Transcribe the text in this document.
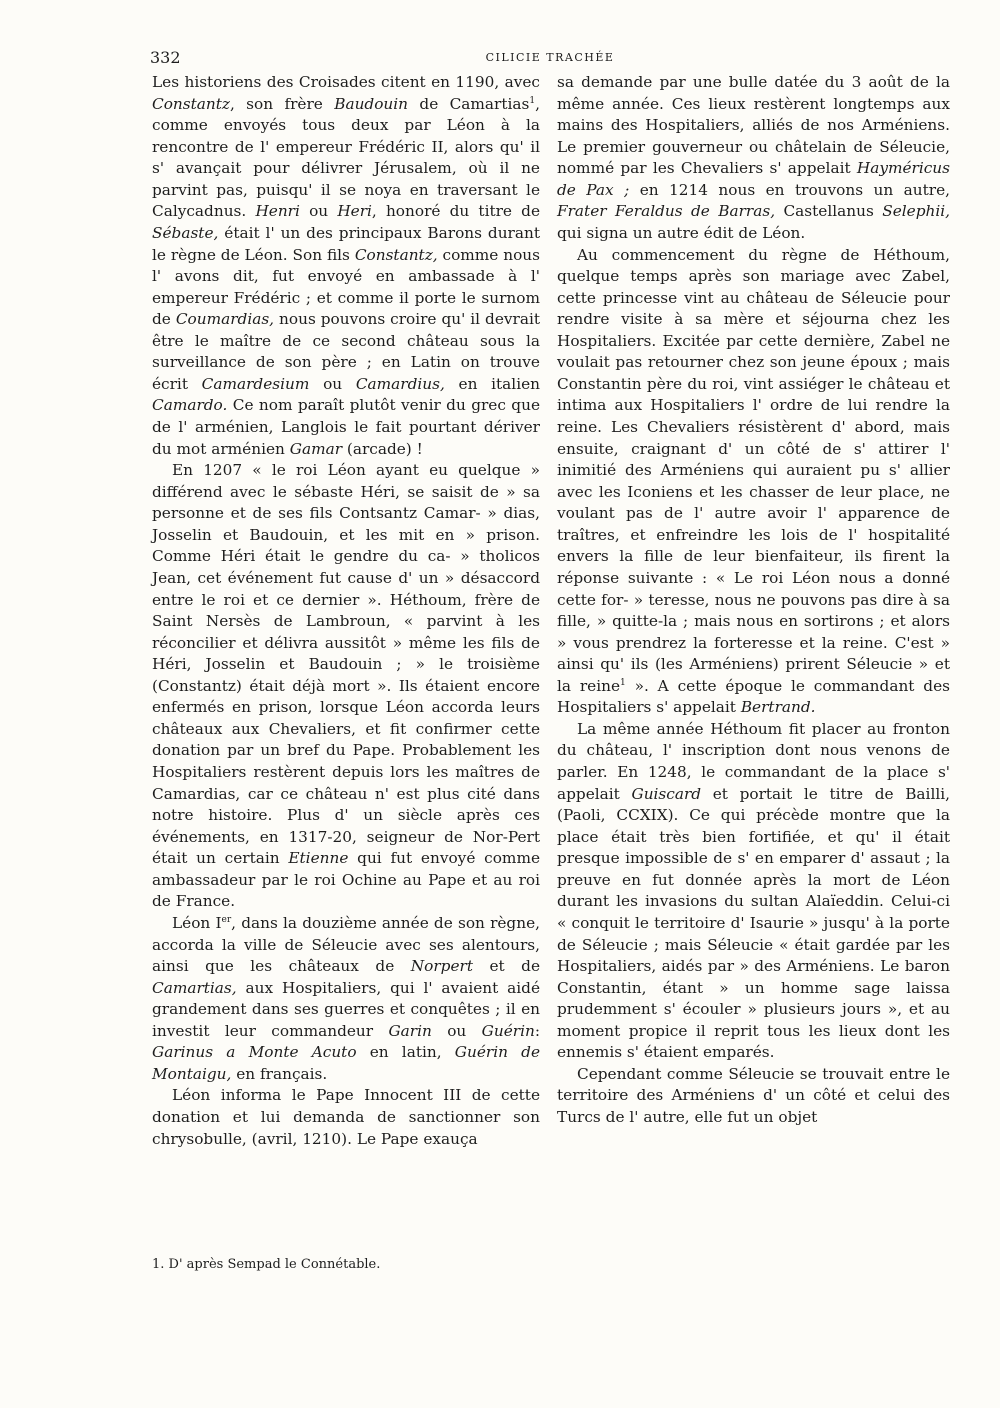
332	CILICIE TRACHÉE

Les historiens des Croisades citent en 1190, avec Constantz, son frère Baudouin de Camartias$^1$, comme envoyés tous deux par Léon à la rencontre de l' empereur Frédéric II, alors qu' il s' avançait pour délivrer Jérusalem, où il ne parvint pas, puisqu' il se noya en traversant le Calycadnus. Henri ou Heri, honoré du titre de Sébaste, était l' un des principaux Barons durant le règne de Léon. Son fils Constantz, comme nous l' avons dit, fut envoyé en ambassade à l' empereur Frédéric ; et comme il porte le surnom de Coumardias, nous pouvons croire qu' il devrait être le maître de ce second château sous la surveillance de son père ; en Latin on trouve écrit Camardesium ou Camardius, en italien Camardo. Ce nom paraît plutôt venir du grec que de l' arménien, Langlois le fait pourtant dériver du mot arménien Gamar (arcade) !

En 1207 « le roi Léon ayant eu quelque » différend avec le sébaste Héri, se saisit de » sa personne et de ses fils Contsantz Camar- » dias, Josselin et Baudouin, et les mit en » prison. Comme Héri était le gendre du ca- » tholicos Jean, cet événement fut cause d' un » désaccord entre le roi et ce dernier ». Héthoum, frère de Saint Nersès de Lambroun, « parvint à les réconcilier et délivra aussitôt » même les fils de Héri, Josselin et Baudouin ; » le troisième (Constantz) était déjà mort ». Ils étaient encore enfermés en prison, lorsque Léon accorda leurs châteaux aux Chevaliers, et fit confirmer cette donation par un bref du Pape. Probablement les Hospitaliers restèrent depuis lors les maîtres de Camardias, car ce château n' est plus cité dans notre histoire. Plus d' un siècle après ces événements, en 1317-20, seigneur de Nor-Pert était un certain Etienne qui fut envoyé comme ambassadeur par le roi Ochine au Pape et au roi de France.

Léon Ier, dans la douzième année de son règne, accorda la ville de Séleucie avec ses alentours, ainsi que les châteaux de Norpert et de Camartias, aux Hospitaliers, qui l' avaient aidé grandement dans ses guerres et conquêtes ; il en investit leur commandeur Garin ou Guérin: Garinus a Monte Acuto en latin, Guérin de Montaigu, en français.

Léon informa le Pape Innocent III de cette donation et lui demanda de sanctionner son chrysobulle, (avril, 1210). Le Pape exauça

sa demande par une bulle datée du 3 août de la même année. Ces lieux restèrent longtemps aux mains des Hospitaliers, alliés de nos Arméniens. Le premier gouverneur ou châtelain de Séleucie, nommé par les Chevaliers s' appelait Hayméricus de Pax ; en 1214 nous en trouvons un autre, Frater Feraldus de Barras, Castellanus Selephii, qui signa un autre édit de Léon.

Au commencement du règne de Héthoum, quelque temps après son mariage avec Zabel, cette princesse vint au château de Séleucie pour rendre visite à sa mère et séjourna chez les Hospitaliers. Excitée par cette dernière, Zabel ne voulait pas retourner chez son jeune époux ; mais Constantin père du roi, vint assiéger le château et intima aux Hospitaliers l' ordre de lui rendre la reine. Les Chevaliers résistèrent d' abord, mais ensuite, craignant d' un côté de s' attirer l' inimitié des Arméniens qui auraient pu s' allier avec les Iconiens et les chasser de leur place, ne voulant pas de l' autre avoir l' apparence de traîtres, et enfreindre les lois de l' hospitalité envers la fille de leur bienfaiteur, ils firent la réponse suivante : « Le roi Léon nous a donné cette for- » teresse, nous ne pouvons pas dire à sa fille, » quitte-la ; mais nous en sortirons ; et alors » vous prendrez la forteresse et la reine. C'est » ainsi qu' ils (les Arméniens) prirent Séleucie » et la reine$^1$ ». A cette époque le commandant des Hospitaliers s' appelait Bertrand.

La même année Héthoum fit placer au fronton du château, l' inscription dont nous venons de parler. En 1248, le commandant de la place s' appelait Guiscard et portait le titre de Bailli, (Paoli, CCXIX). Ce qui précède montre que la place était très bien fortifiée, et qu' il était presque impossible de s' en emparer d' assaut ; la preuve en fut donnée après la mort de Léon durant les invasions du sultan Alaïeddin. Celui-ci « conquit le territoire d' Isaurie » jusqu' à la porte de Séleucie ; mais Séleucie « était gardée par les Hospitaliers, aidés par » des Arméniens. Le baron Constantin, étant » un homme sage laissa prudemment s' écouler » plusieurs jours », et au moment propice il reprit tous les lieux dont les ennemis s' étaient emparés.

Cependant comme Séleucie se trouvait entre le territoire des Arméniens d' un côté et celui des Turcs de l' autre, elle fut un objet

1. D' après Sempad le Connétable.
